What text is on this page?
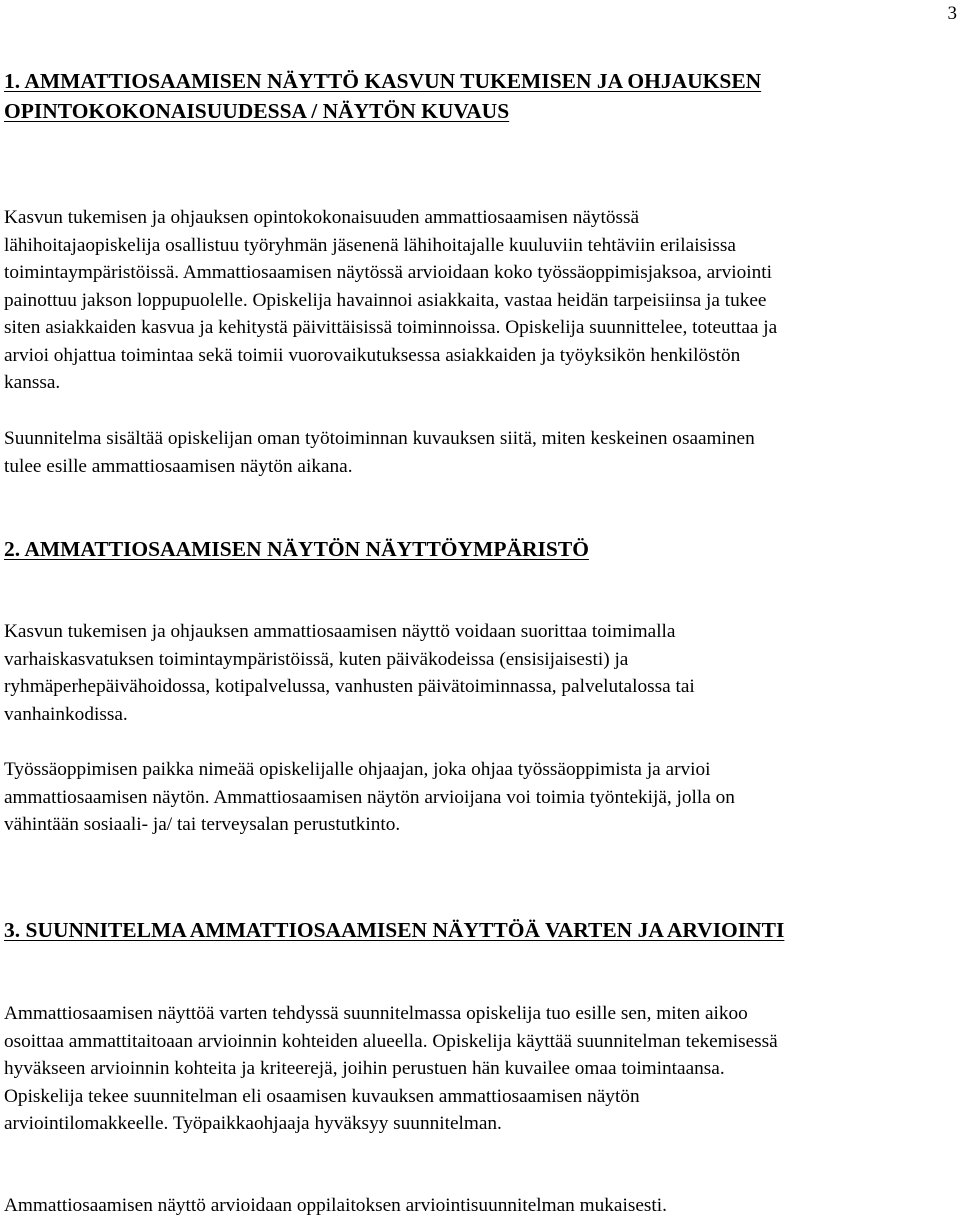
3
1. AMMATTIOSAAMISEN NÄYTTÖ KASVUN TUKEMISEN JA OHJAUKSEN
OPINTOKOKONAISUUDESSA / NÄYTÖN KUVAUS
Kasvun tukemisen ja ohjauksen opintokokonaisuuden ammattiosaamisen näytössä
lähihoitajaopiskelija osallistuu työryhmän jäsenenä lähihoitajalle kuuluviin tehtäviin erilaisissa
toimintaympäristöissä. Ammattiosaamisen näytössä arvioidaan koko työssäoppimisjaksoa, arviointi
painottuu jakson loppupuolelle. Opiskelija havainnoi asiakkaita, vastaa heidän tarpeisiinsa ja tukee
siten asiakkaiden kasvua ja kehitystä päivittäisissä toiminnoissa. Opiskelija suunnittelee, toteuttaa ja
arvioi ohjattua toimintaa sekä toimii vuorovaikutuksessa asiakkaiden ja työyksikön henkilöstön
kanssa.
Suunnitelma sisältää opiskelijan oman työtoiminnan kuvauksen siitä, miten keskeinen osaaminen
tulee esille ammattiosaamisen näytön aikana.
2. AMMATTIOSAAMISEN NÄYTÖN NÄYTTÖYMPÄRISTÖ
Kasvun tukemisen ja ohjauksen ammattiosaamisen näyttö voidaan suorittaa toimimalla
varhaiskasvatuksen toimintaympäristöissä, kuten päiväkodeissa (ensisijaisesti) ja
ryhmäperhepäivähoidossa, kotipalvelussa, vanhusten päivätoiminnassa, palvelutalossa tai
vanhainkodissa.
Työssäoppimisen paikka nimeää opiskelijalle ohjaajan, joka ohjaa työssäoppimista ja arvioi
ammattiosaamisen näytön. Ammattiosaamisen näytön arvioijana voi toimia työntekijä, jolla on
vähintään sosiaali- ja/ tai terveysalan perustutkinto.
3. SUUNNITELMA AMMATTIOSAAMISEN NÄYTTÖÄ VARTEN JA ARVIOINTI
Ammattiosaamisen näyttöä varten tehdyssä suunnitelmassa opiskelija tuo esille sen, miten aikoo
osoittaa ammattitaitoaan arvioinnin kohteiden alueella. Opiskelija käyttää suunnitelman tekemisessä
hyväkseen arvioinnin kohteita ja kriteerejä, joihin perustuen hän kuvailee omaa toimintaansa.
Opiskelija tekee suunnitelman eli osaamisen kuvauksen ammattiosaamisen näytön
arviointilomakkeelle. Työpaikkaohjaaja hyväksyy suunnitelman.
Ammattiosaamisen näyttö arvioidaan oppilaitoksen arviointisuunnitelman mukaisesti.
